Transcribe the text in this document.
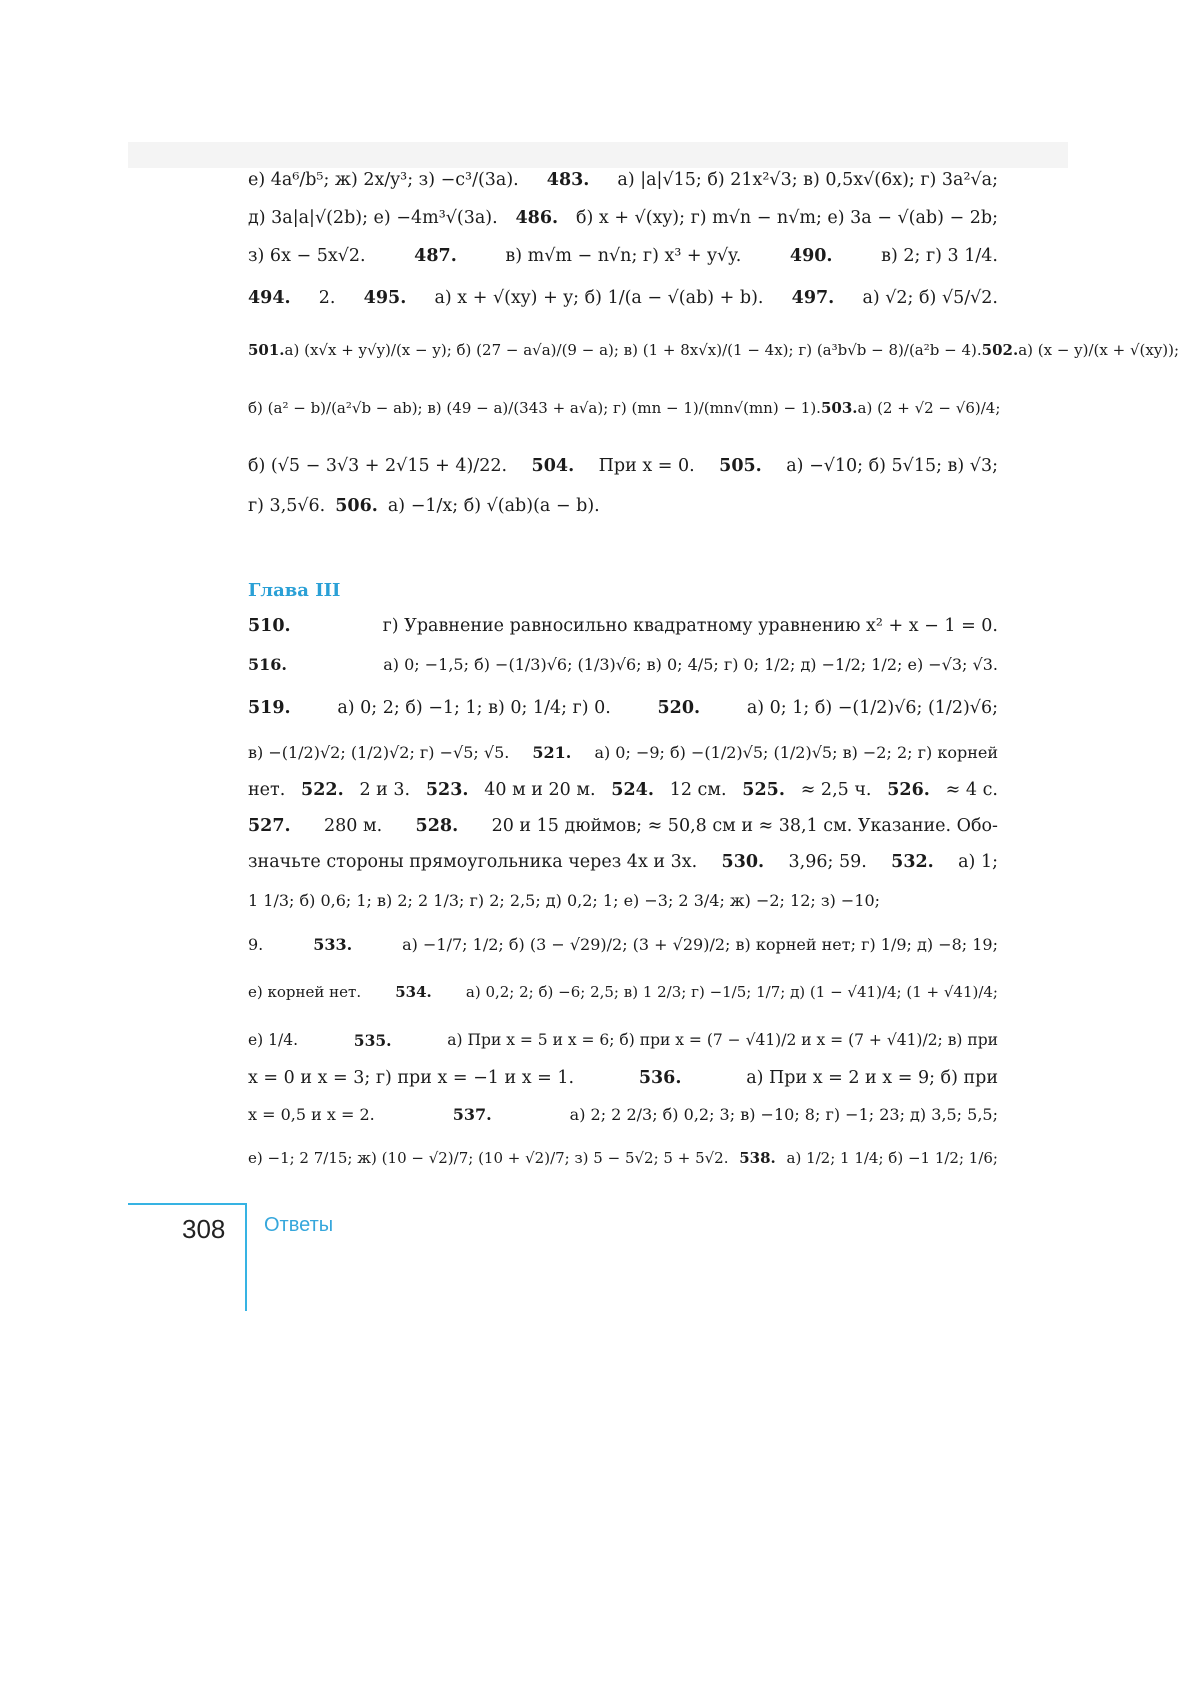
е) 4a⁶/b⁵; ж) 2x/y³; з) −c³/(3a). 483. а) |a|√15; б) 21x²√3; в) 0,5x√(6x); г) 3a²√a;
д) 3a|a|√(2b); е) −4m³√(3a). 486. б) x + √(xy); г) m√n − n√m; е) 3a − √(ab) − 2b;
з) 6x − 5x√2.	487.	в) m√m − n√n; г) x³ + y√y.	490.	в) 2; г) 3 1/4.
494. 2. 495. а) x + √(xy) + y; б) 1/(a − √(ab) + b). 497. а) √2; б) √5/√2.
501. а) (x√x + y√y)/(x − y); б) (27 − a√a)/(9 − a); в) (1 + 8x√x)/(1 − 4x); г) (a³b√b − 8)/(a²b − 4). 502. а) (x − y)/(x + √(xy));
б) (a² − b)/(a²√b − ab); в) (49 − a)/(343 + a√a); г) (mn − 1)/(mn√(mn) − 1). 503. а) (2 + √2 − √6)/4;
б) (√5 − 3√3 + 2√15 + 4)/22. 504. При x = 0. 505. а) −√10; б) 5√15; в) √3;
г) 3,5√6. 506. а) −1/x; б) √(ab)(a − b).
Глава III
510.	г) Уравнение равносильно квадратному уравнению x² + x − 1 = 0.
516.	а) 0; −1,5; б) −(1/3)√6; (1/3)√6; в) 0; 4/5; г) 0; 1/2; д) −1/2; 1/2; е) −√3; √3.
519.	а) 0; 2; б) −1; 1; в) 0; 1/4; г) 0.	520.	а) 0; 1; б) −(1/2)√6; (1/2)√6;
в) −(1/2)√2; (1/2)√2; г) −√5; √5. 521. а) 0; −9; б) −(1/2)√5; (1/2)√5; в) −2; 2; г) корней
нет. 522. 2 и 3. 523. 40 м и 20 м. 524. 12 см. 525. ≈ 2,5 ч. 526. ≈ 4 с.
527. 280 м. 528. 20 и 15 дюймов; ≈ 50,8 см и ≈ 38,1 см. Указание. Обо-
значьте стороны прямоугольника через 4x и 3x. 530. 3,96; 59. 532. а) 1;
1 1/3; б) 0,6; 1; в) 2; 2 1/3; г) 2; 2,5; д) 0,2; 1; е) −3; 2 3/4; ж) −2; 12; з) −10;
9.	533.	а) −1/7; 1/2; б) (3 − √29)/2; (3 + √29)/2; в) корней нет; г) 1/9; д) −8; 19;
е) корней нет. 534. а) 0,2; 2; б) −6; 2,5; в) 1 2/3; г) −1/5; 1/7; д) (1 − √41)/4; (1 + √41)/4;
е) 1/4.	535.	а) При x = 5 и x = 6; б) при x = (7 − √41)/2 и x = (7 + √41)/2; в) при
x = 0 и x = 3; г) при x = −1 и x = 1.	536.	а) При x = 2 и x = 9; б) при
x = 0,5 и x = 2.	537.	а) 2; 2 2/3; б) 0,2; 3; в) −10; 8; г) −1; 23; д) 3,5; 5,5;
е) −1; 2 7/15; ж) (10 − √2)/7; (10 + √2)/7; з) 5 − 5√2; 5 + 5√2. 538. а) 1/2; 1 1/4; б) −1 1/2; 1/6;
308 Ответы
